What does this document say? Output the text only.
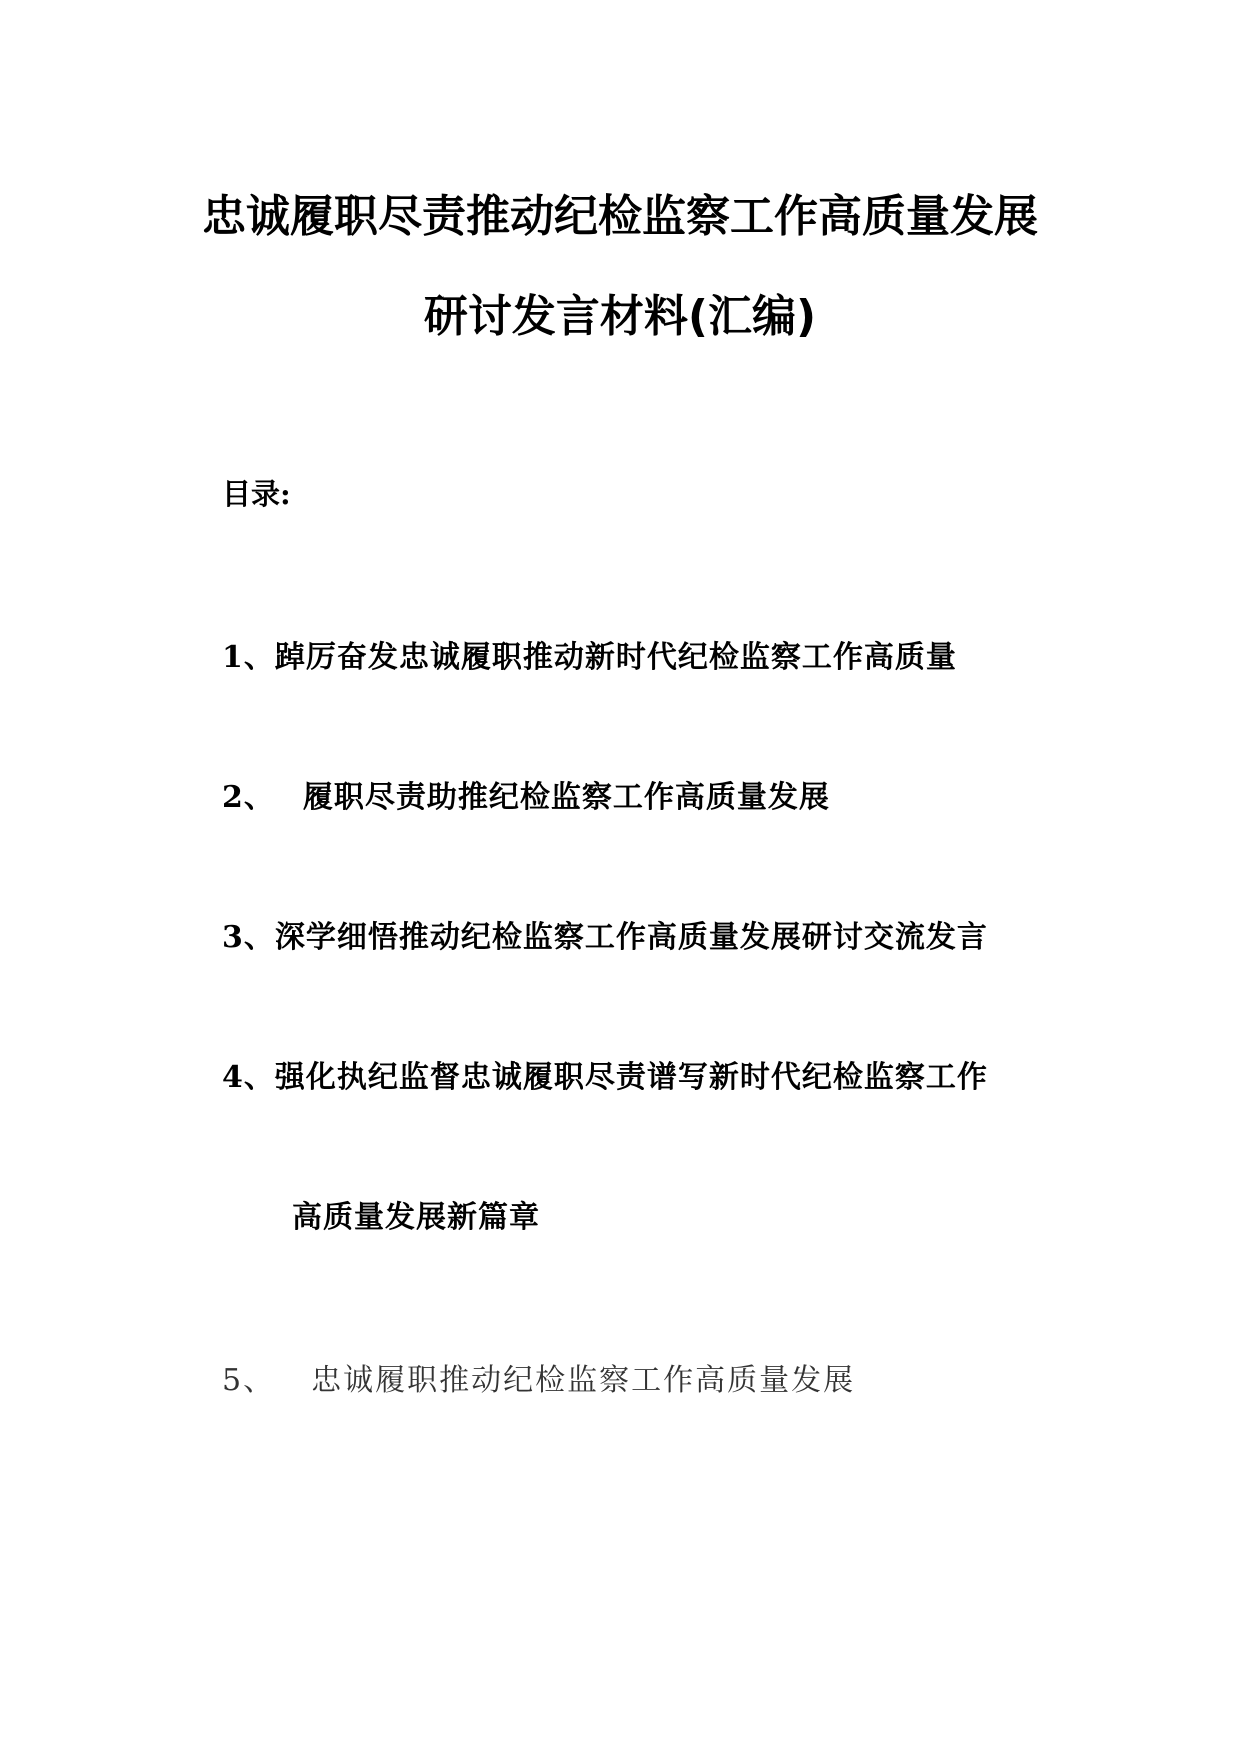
忠诚履职尽责推动纪检监察工作高质量发展
研讨发言材料(汇编)
目录:
1、踔厉奋发忠诚履职推动新时代纪检监察工作高质量
2、 履职尽责助推纪检监察工作高质量发展
3、深学细悟推动纪检监察工作高质量发展研讨交流发言
4、强化执纪监督忠诚履职尽责谱写新时代纪检监察工作
高质量发展新篇章
5、 忠诚履职推动纪检监察工作高质量发展
